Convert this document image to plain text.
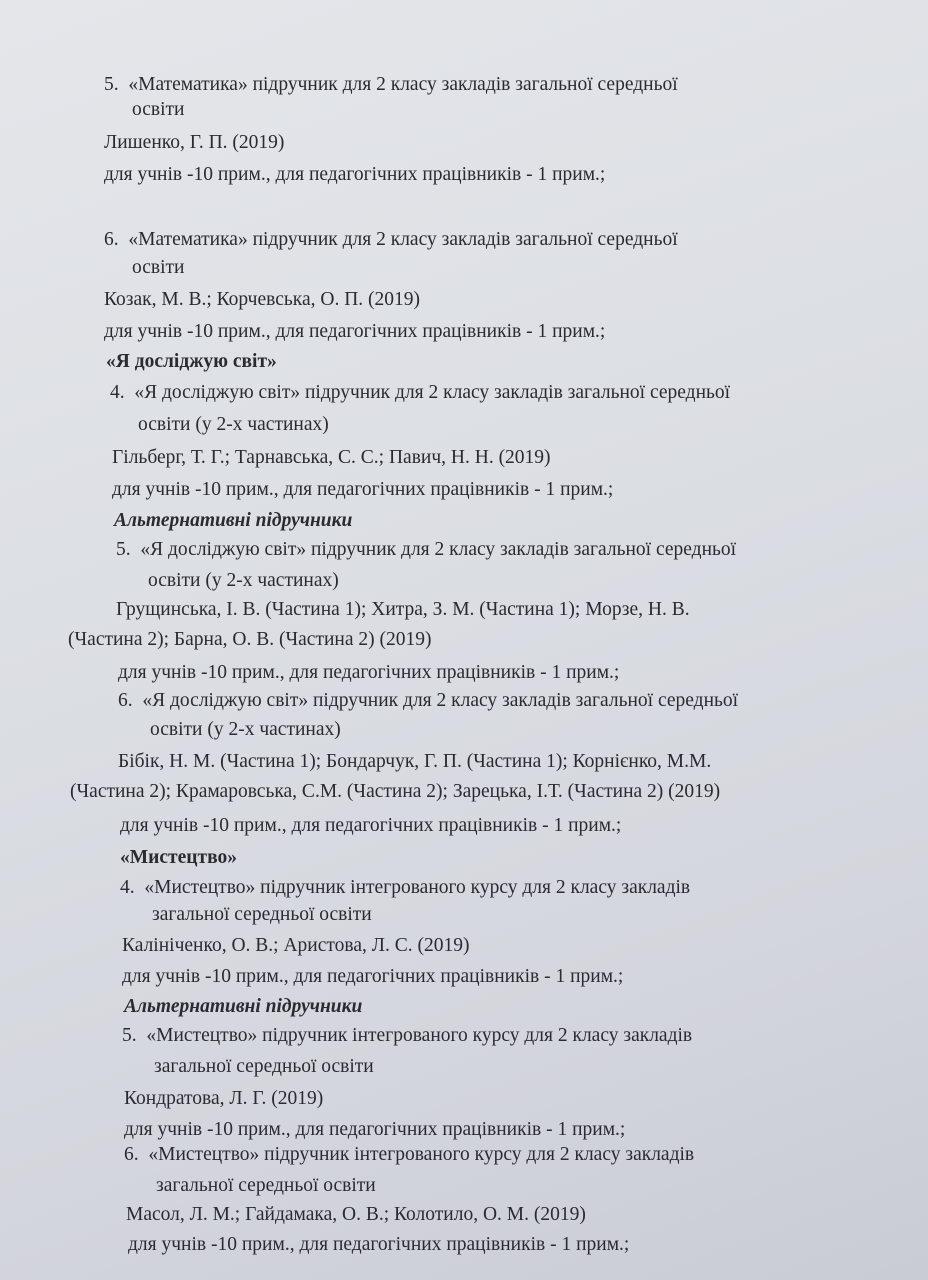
5. «Математика» підручник для 2 класу закладів загальної середньої
освіти
Лишенко, Г. П. (2019)
для учнів -10 прим., для педагогічних працівників - 1 прим.;
6. «Математика» підручник для 2 класу закладів загальної середньої
освіти
Козак, М. В.; Корчевська, О. П. (2019)
для учнів -10 прим., для педагогічних працівників - 1 прим.;
«Я досліджую світ»
4. «Я досліджую світ» підручник для 2 класу закладів загальної середньої
освіти (у 2-х частинах)
Гільберг, Т. Г.; Тарнавська, С. С.; Павич, Н. Н. (2019)
для учнів -10 прим., для педагогічних працівників - 1 прим.;
Альтернативні підручники
5. «Я досліджую світ» підручник для 2 класу закладів загальної середньої
освіти (у 2-х частинах)
Грущинська, І. В. (Частина 1); Хитра, З. М. (Частина 1); Морзе, Н. В.
(Частина 2); Барна, О. В. (Частина 2) (2019)
для учнів -10 прим., для педагогічних працівників - 1 прим.;
6. «Я досліджую світ» підручник для 2 класу закладів загальної середньої
освіти (у 2-х частинах)
Бібік, Н. М. (Частина 1); Бондарчук, Г. П. (Частина 1); Корнієнко, М.М.
(Частина 2); Крамаровська, С.М. (Частина 2); Зарецька, І.Т. (Частина 2) (2019)
для учнів -10 прим., для педагогічних працівників - 1 прим.;
«Мистецтво»
4. «Мистецтво» підручник інтегрованого курсу для 2 класу закладів
загальної середньої освіти
Калініченко, О. В.; Аристова, Л. С. (2019)
для учнів -10 прим., для педагогічних працівників - 1 прим.;
Альтернативні підручники
5. «Мистецтво» підручник інтегрованого курсу для 2 класу закладів
загальної середньої освіти
Кондратова, Л. Г. (2019)
для учнів -10 прим., для педагогічних працівників - 1 прим.;
6. «Мистецтво» підручник інтегрованого курсу для 2 класу закладів
загальної середньої освіти
Масол, Л. М.; Гайдамака, О. В.; Колотило, О. М. (2019)
для учнів -10 прим., для педагогічних працівників - 1 прим.;
